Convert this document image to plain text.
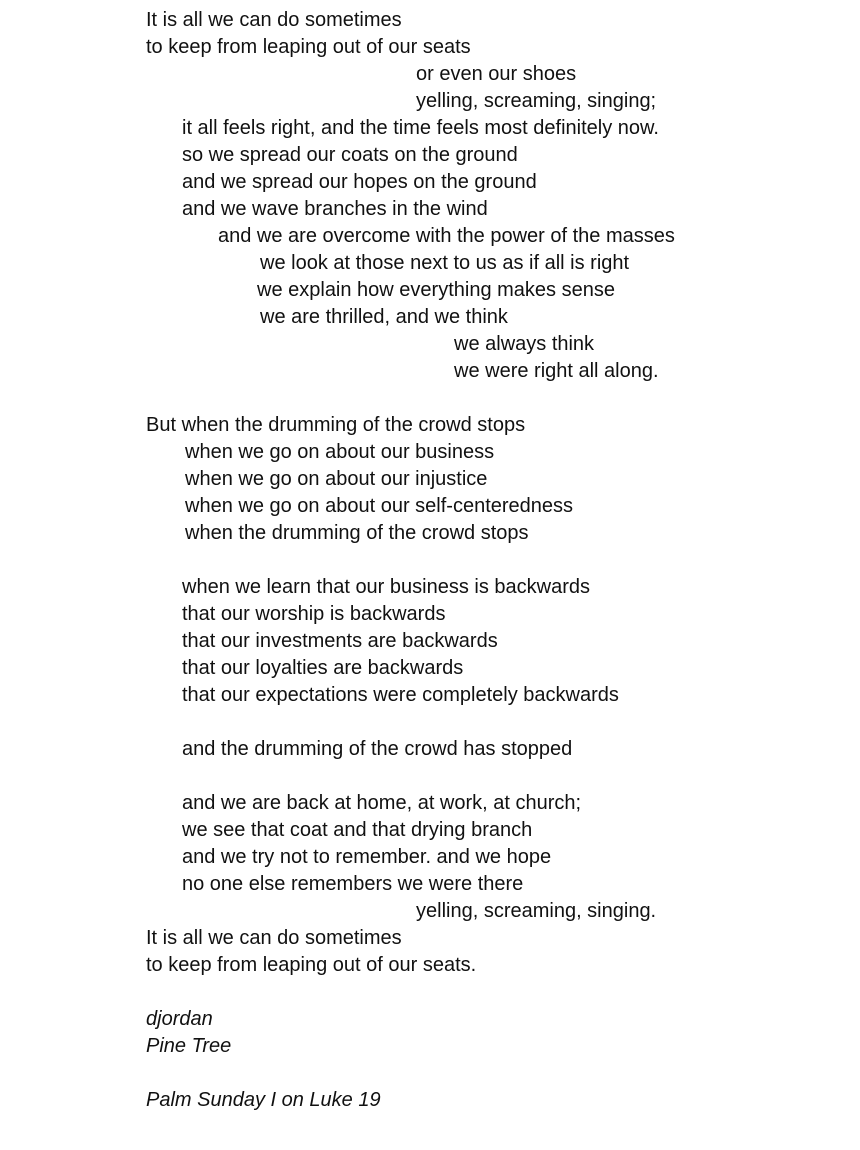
It is all we can do sometimes
to keep from leaping out of our seats
or even our shoes
yelling, screaming, singing;
it all feels right, and the time feels most definitely now.
so we spread our coats on the ground
and we spread our hopes on the ground
and we wave branches in the wind
and we are overcome with the power of the masses
we look at those next to us as if all is right
we explain how everything makes sense
we are thrilled, and we think
we always think
we were right all along.
But when the drumming of the crowd stops
when we go on about our business
when we go on about our injustice
when we go on about our self-centeredness
when the drumming of the crowd stops
when we learn that our business is backwards
that our worship is backwards
that our investments are backwards
that our loyalties are backwards
that our expectations were completely backwards
and the drumming of the crowd has stopped
and we are back at home, at work, at church;
we see that coat and that drying branch
and we try not to remember. and we hope
no one else remembers we were there
yelling, screaming, singing.
It is all we can do sometimes
to keep from leaping out of our seats.
djordan
Pine Tree
Palm Sunday I on Luke 19
